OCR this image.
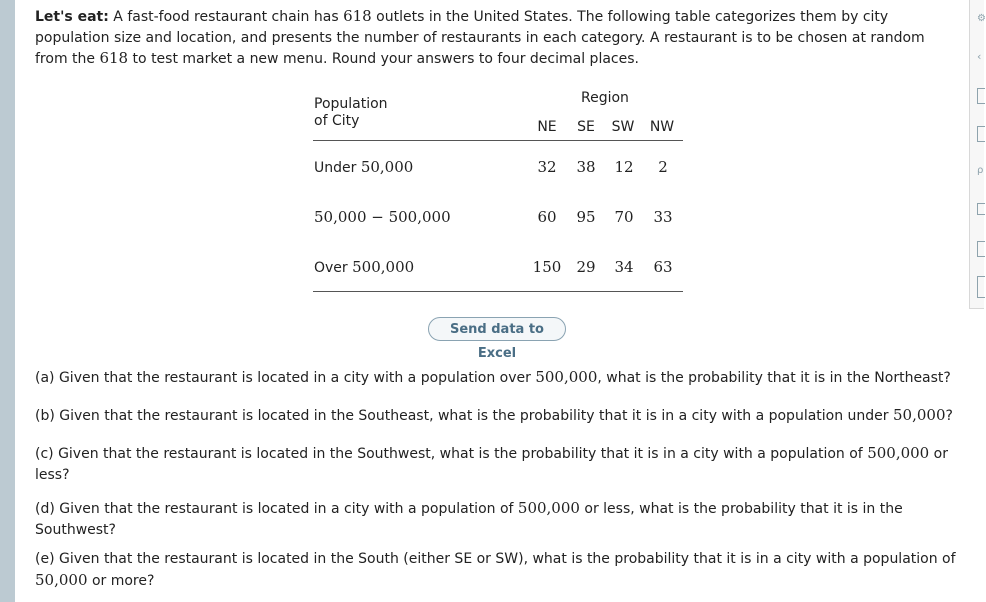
Let's eat: A fast-food restaurant chain has 618 outlets in the United States. The following table categorizes them by city population size and location, and presents the number of restaurants in each category. A restaurant is to be chosen at random from the 618 to test market a new menu. Round your answers to four decimal places.
Population
of City
Region
NE	SE	SW	NW
Under 50,000	32	38	12	2
50,000 − 500,000	60	95	70	33
Over 500,000	150	29	34	63
Send data to Excel
(a) Given that the restaurant is located in a city with a population over 500,000, what is the probability that it is in the Northeast?
(b) Given that the restaurant is located in the Southeast, what is the probability that it is in a city with a population under 50,000?
(c) Given that the restaurant is located in the Southwest, what is the probability that it is in a city with a population of 500,000 or less?
(d) Given that the restaurant is located in a city with a population of 500,000 or less, what is the probability that it is in the Southwest?
(e) Given that the restaurant is located in the South (either SE or SW), what is the probability that it is in a city with a population of 50,000 or more?
⚙
‹
ρ
